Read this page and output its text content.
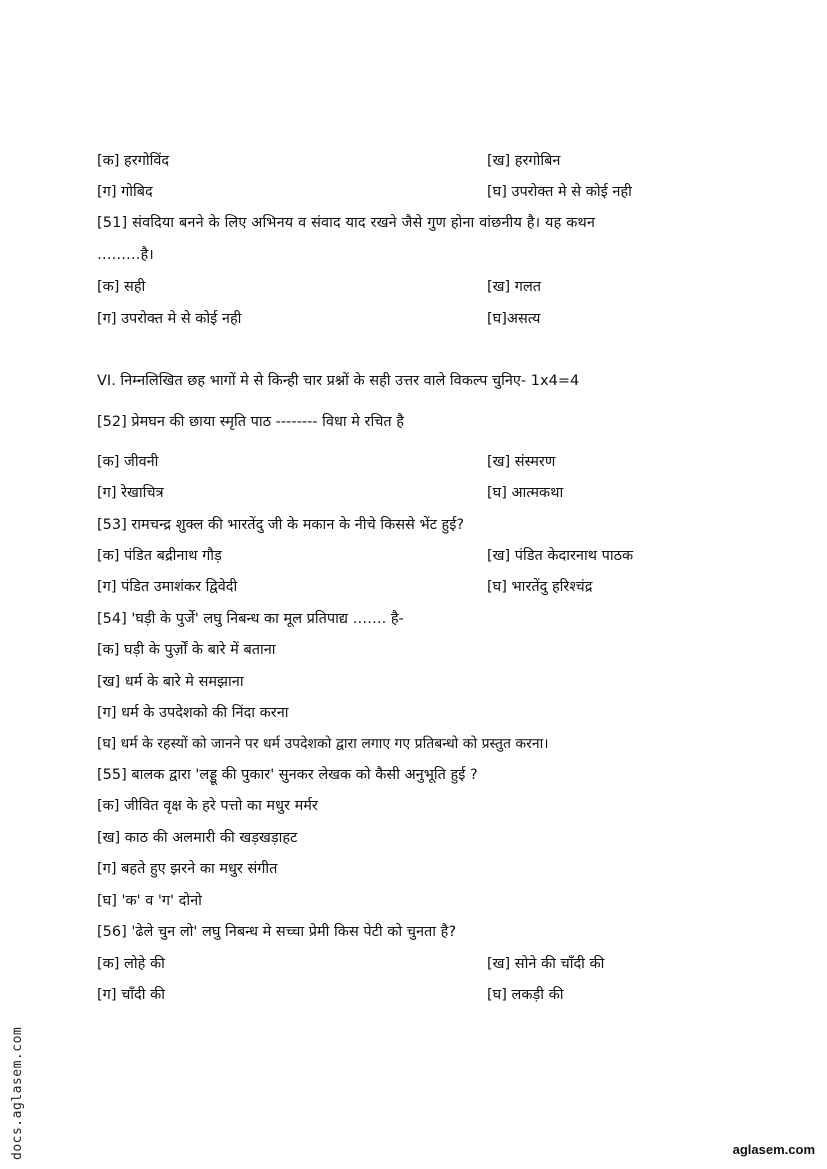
[क] हरगोविंद	[ख] हरगोबिन
[ग] गोबिद	[घ] उपरोक्त मे से कोई नही
[51] संवदिया बनने के लिए अभिनय व संवाद याद रखने जैसे गुण होना वांछनीय है। यह कथन
………है।
[क] सही	[ख] गलत
[ग] उपरोक्त मे से कोई नही	[घ]असत्य
VI. निम्नलिखित छह भागों मे से किन्ही चार प्रश्नों के सही उत्तर वाले विकल्प चुनिए- 1x4=4
[52] प्रेमघन की छाया स्मृति पाठ -------- विधा मे रचित है
[क] जीवनी	[ख] संस्मरण
[ग] रेखाचित्र	[घ] आत्मकथा
[53] रामचन्द्र शुक्ल की भारतेंदु जी के मकान के नीचे किससे भेंट हुई?
[क] पंडित बद्रीनाथ गौड़	[ख] पंडित केदारनाथ पाठक
[ग] पंडित उमाशंकर द्विवेदी	[घ] भारतेंदु हरिश्चंद्र
[54] 'घड़ी के पुर्जे' लघु निबन्ध का मूल प्रतिपाद्य ……. है-
[क] घड़ी के पुर्ज़ों के बारे में बताना
[ख] धर्म के बारे मे समझाना
[ग] धर्म के उपदेशको की निंदा करना
[घ] धर्म के रहस्यों को जानने पर धर्म उपदेशको द्वारा लगाए गए प्रतिबन्धो को प्रस्तुत करना।
[55] बालक द्वारा 'लड्डू की पुकार' सुनकर लेखक को कैसी अनुभूति हुई ?
[क] जीवित वृक्ष के हरे पत्तो का मधुर मर्मर
[ख] काठ की अलमारी की खड़खड़ाहट
[ग] बहते हुए झरने का मधुर संगीत
[घ] 'क' व 'ग' दोनो
[56] 'ढेले चुन लो' लघु निबन्ध मे सच्चा प्रेमी किस पेटी को चुनता है?
[क] लोहे की	[ख] सोने की चाँदी की
[ग] चाँदी की	[घ] लकड़ी की
docs.aglasem.com	aglasem.com
